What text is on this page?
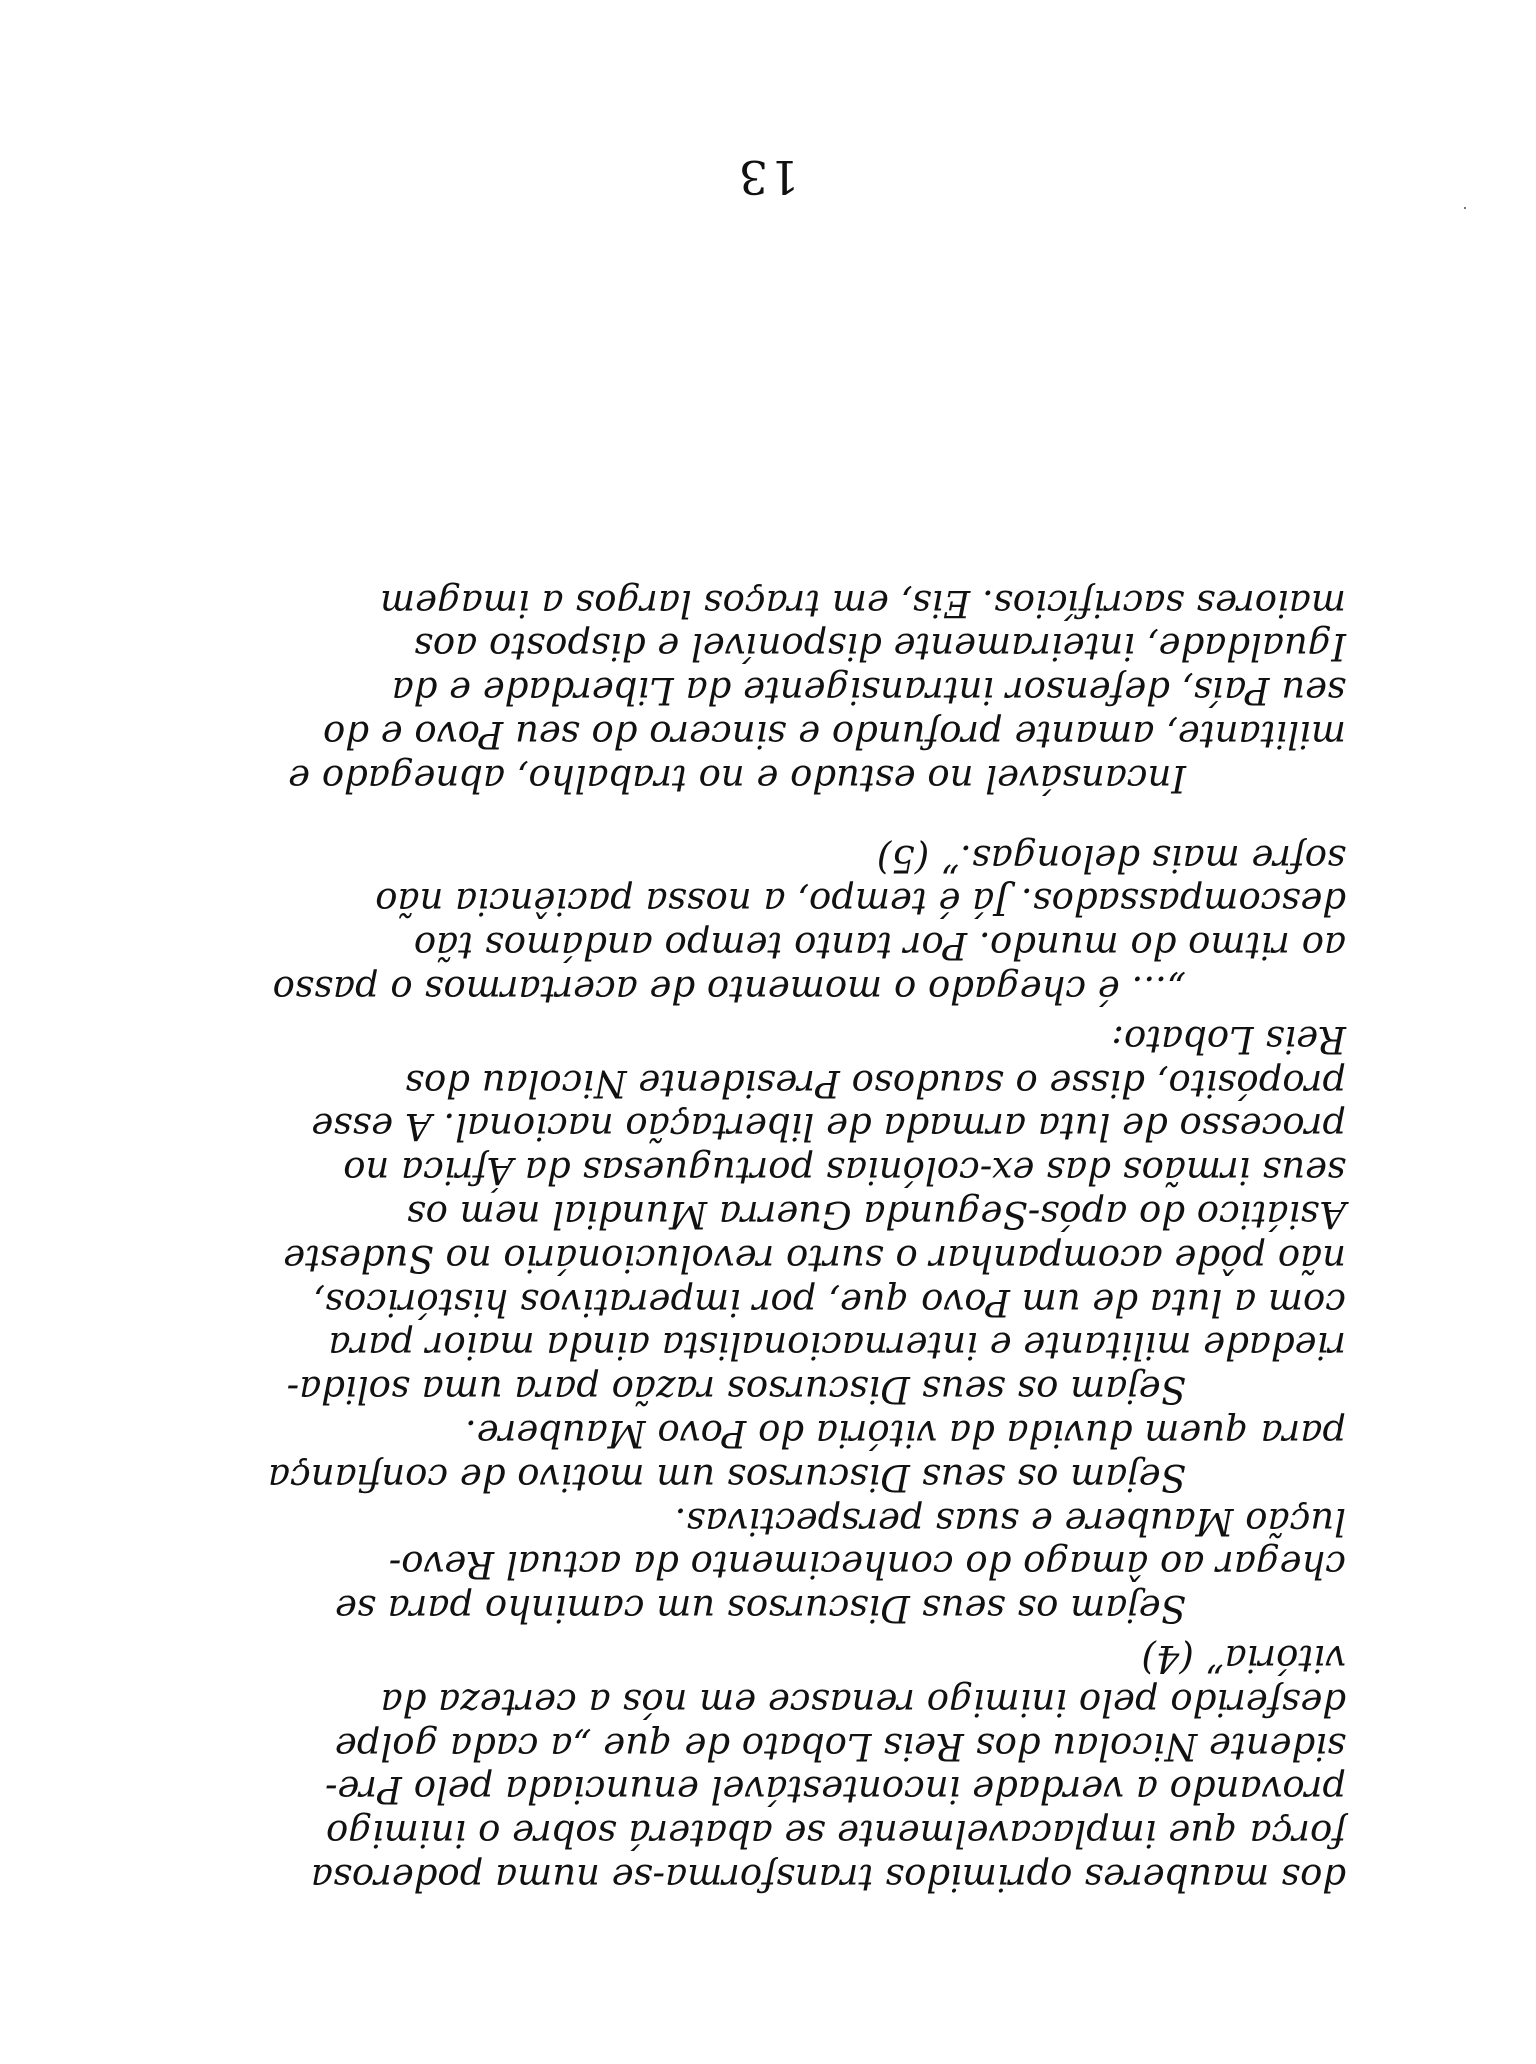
dos mauberes oprimidos transforma-se numa poderosa
força que implacavelmente se abaterá sobre o inimigo
provando a verdade incontestável enunciada pelo Pre-
sidente Nicolau dos Reis Lobato de que „a cada golpe
desferido pelo inimigo renasce em nós a certeza da
vitória” (4)
Sejam os seus Discursos um caminho para se
chegar ao âmago do conhecimento da actual Revo-
lução Maubere e suas perspectivas.
Sejam os seus Discursos um motivo de confiança
para quem duvida da vitória do Povo Maubere.
Sejam os seus Discursos razão para uma solida-
riedade militante e internacionalista ainda maior para
com a luta de um Povo que, por imperativos históricos,
não pôde acompanhar o surto revolucionário no Sudeste
Asiático do após-Segunda Guerra Mundial nem os
seus irmãos das ex-colónias portuguesas da África no
processo de luta armada de libertação nacional. A esse
propósito, disse o saudoso Presidente Nicolau dos
Reis Lobato:
„... é chegado o momento de acertarmos o passo
ao ritmo do mundo. Por tanto tempo andámos tão
descompassados. Já é tempo, a nossa paciência não
sofre mais delongas.” (5)
Incansável no estudo e no trabalho, abnegado e
militante, amante profundo e sincero do seu Povo e do
seu País, defensor intransigente da Liberdade e da
Igualdade, inteiramente disponível e disposto aos
maiores sacrifícios. Eis, em traços largos a imagem
13
